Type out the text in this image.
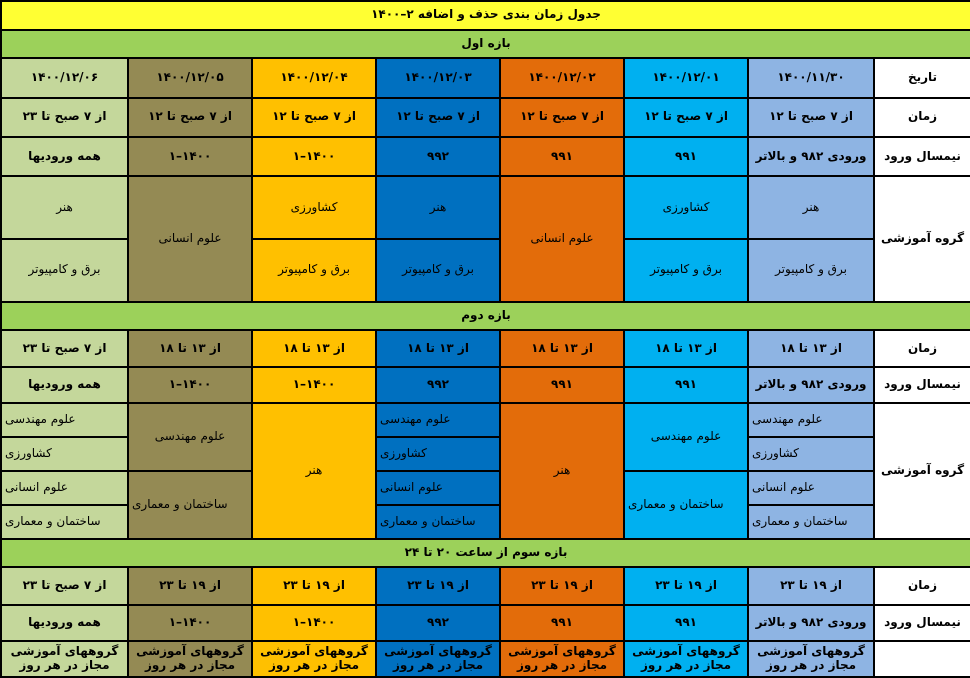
جدول زمان بندی حذف و اضافه ۲–۱۴۰۰							
بازه اول							
تاریخ	۱۴۰۰/۱۱/۳۰	۱۴۰۰/۱۲/۰۱	۱۴۰۰/۱۲/۰۲	۱۴۰۰/۱۲/۰۳	۱۴۰۰/۱۲/۰۴	۱۴۰۰/۱۲/۰۵	۱۴۰۰/۱۲/۰۶
زمان	از ۷ صبح تا ۱۲	از ۷ صبح تا ۱۲	از ۷ صبح تا ۱۲	از ۷ صبح تا ۱۲	از ۷ صبح تا ۱۲	از ۷ صبح تا ۱۲	از ۷ صبح تا ۲۳
نیمسال ورود	ورودی ۹۸۲ و بالاتر	۹۹۱	۹۹۱	۹۹۲	۱۴۰۰–۱	۱۴۰۰–۱	همه ورودیها
گروه آموزشی	هنر	کشاورزی	علوم انسانی	هنر	کشاورزی	علوم انسانی	هنر
	برق و کامپیوتر	برق و کامپیوتر		برق و کامپیوتر	برق و کامپیوتر		برق و کامپیوتر
بازه دوم							
زمان	از ۱۳ تا ۱۸	از ۱۳ تا ۱۸	از ۱۳ تا ۱۸	از ۱۳ تا ۱۸	از ۱۳ تا ۱۸	از ۱۳ تا ۱۸	از ۷ صبح تا ۲۳
نیمسال ورود	ورودی ۹۸۲ و بالاتر	۹۹۱	۹۹۱	۹۹۲	۱۴۰۰–۱	۱۴۰۰–۱	همه ورودیها
گروه آموزشی	علوم مهندسی	علوم مهندسی	هنر	علوم مهندسی	هنر	علوم مهندسی	علوم مهندسی
	کشاورزی			کشاورزی			کشاورزی
	علوم انسانی	ساختمان و معماری		علوم انسانی		ساختمان و معماری	علوم انسانی
	ساختمان و معماری			ساختمان و معماری			ساختمان و معماری
بازه سوم از ساعت ۲۰ تا ۲۴							
زمان	از ۱۹ تا ۲۳	از ۱۹ تا ۲۳	از ۱۹ تا ۲۳	از ۱۹ تا ۲۳	از ۱۹ تا ۲۳	از ۱۹ تا ۲۳	از ۷ صبح تا ۲۳
نیمسال ورود	ورودی ۹۸۲ و بالاتر	۹۹۱	۹۹۱	۹۹۲	۱۴۰۰–۱	۱۴۰۰–۱	همه ورودیها
	گروههای آموزشی مجاز در هر روز	گروههای آموزشی مجاز در هر روز	گروههای آموزشی مجاز در هر روز	گروههای آموزشی مجاز در هر روز	گروههای آموزشی مجاز در هر روز	گروههای آموزشی مجاز در هر روز	گروههای آموزشی مجاز در هر روز
